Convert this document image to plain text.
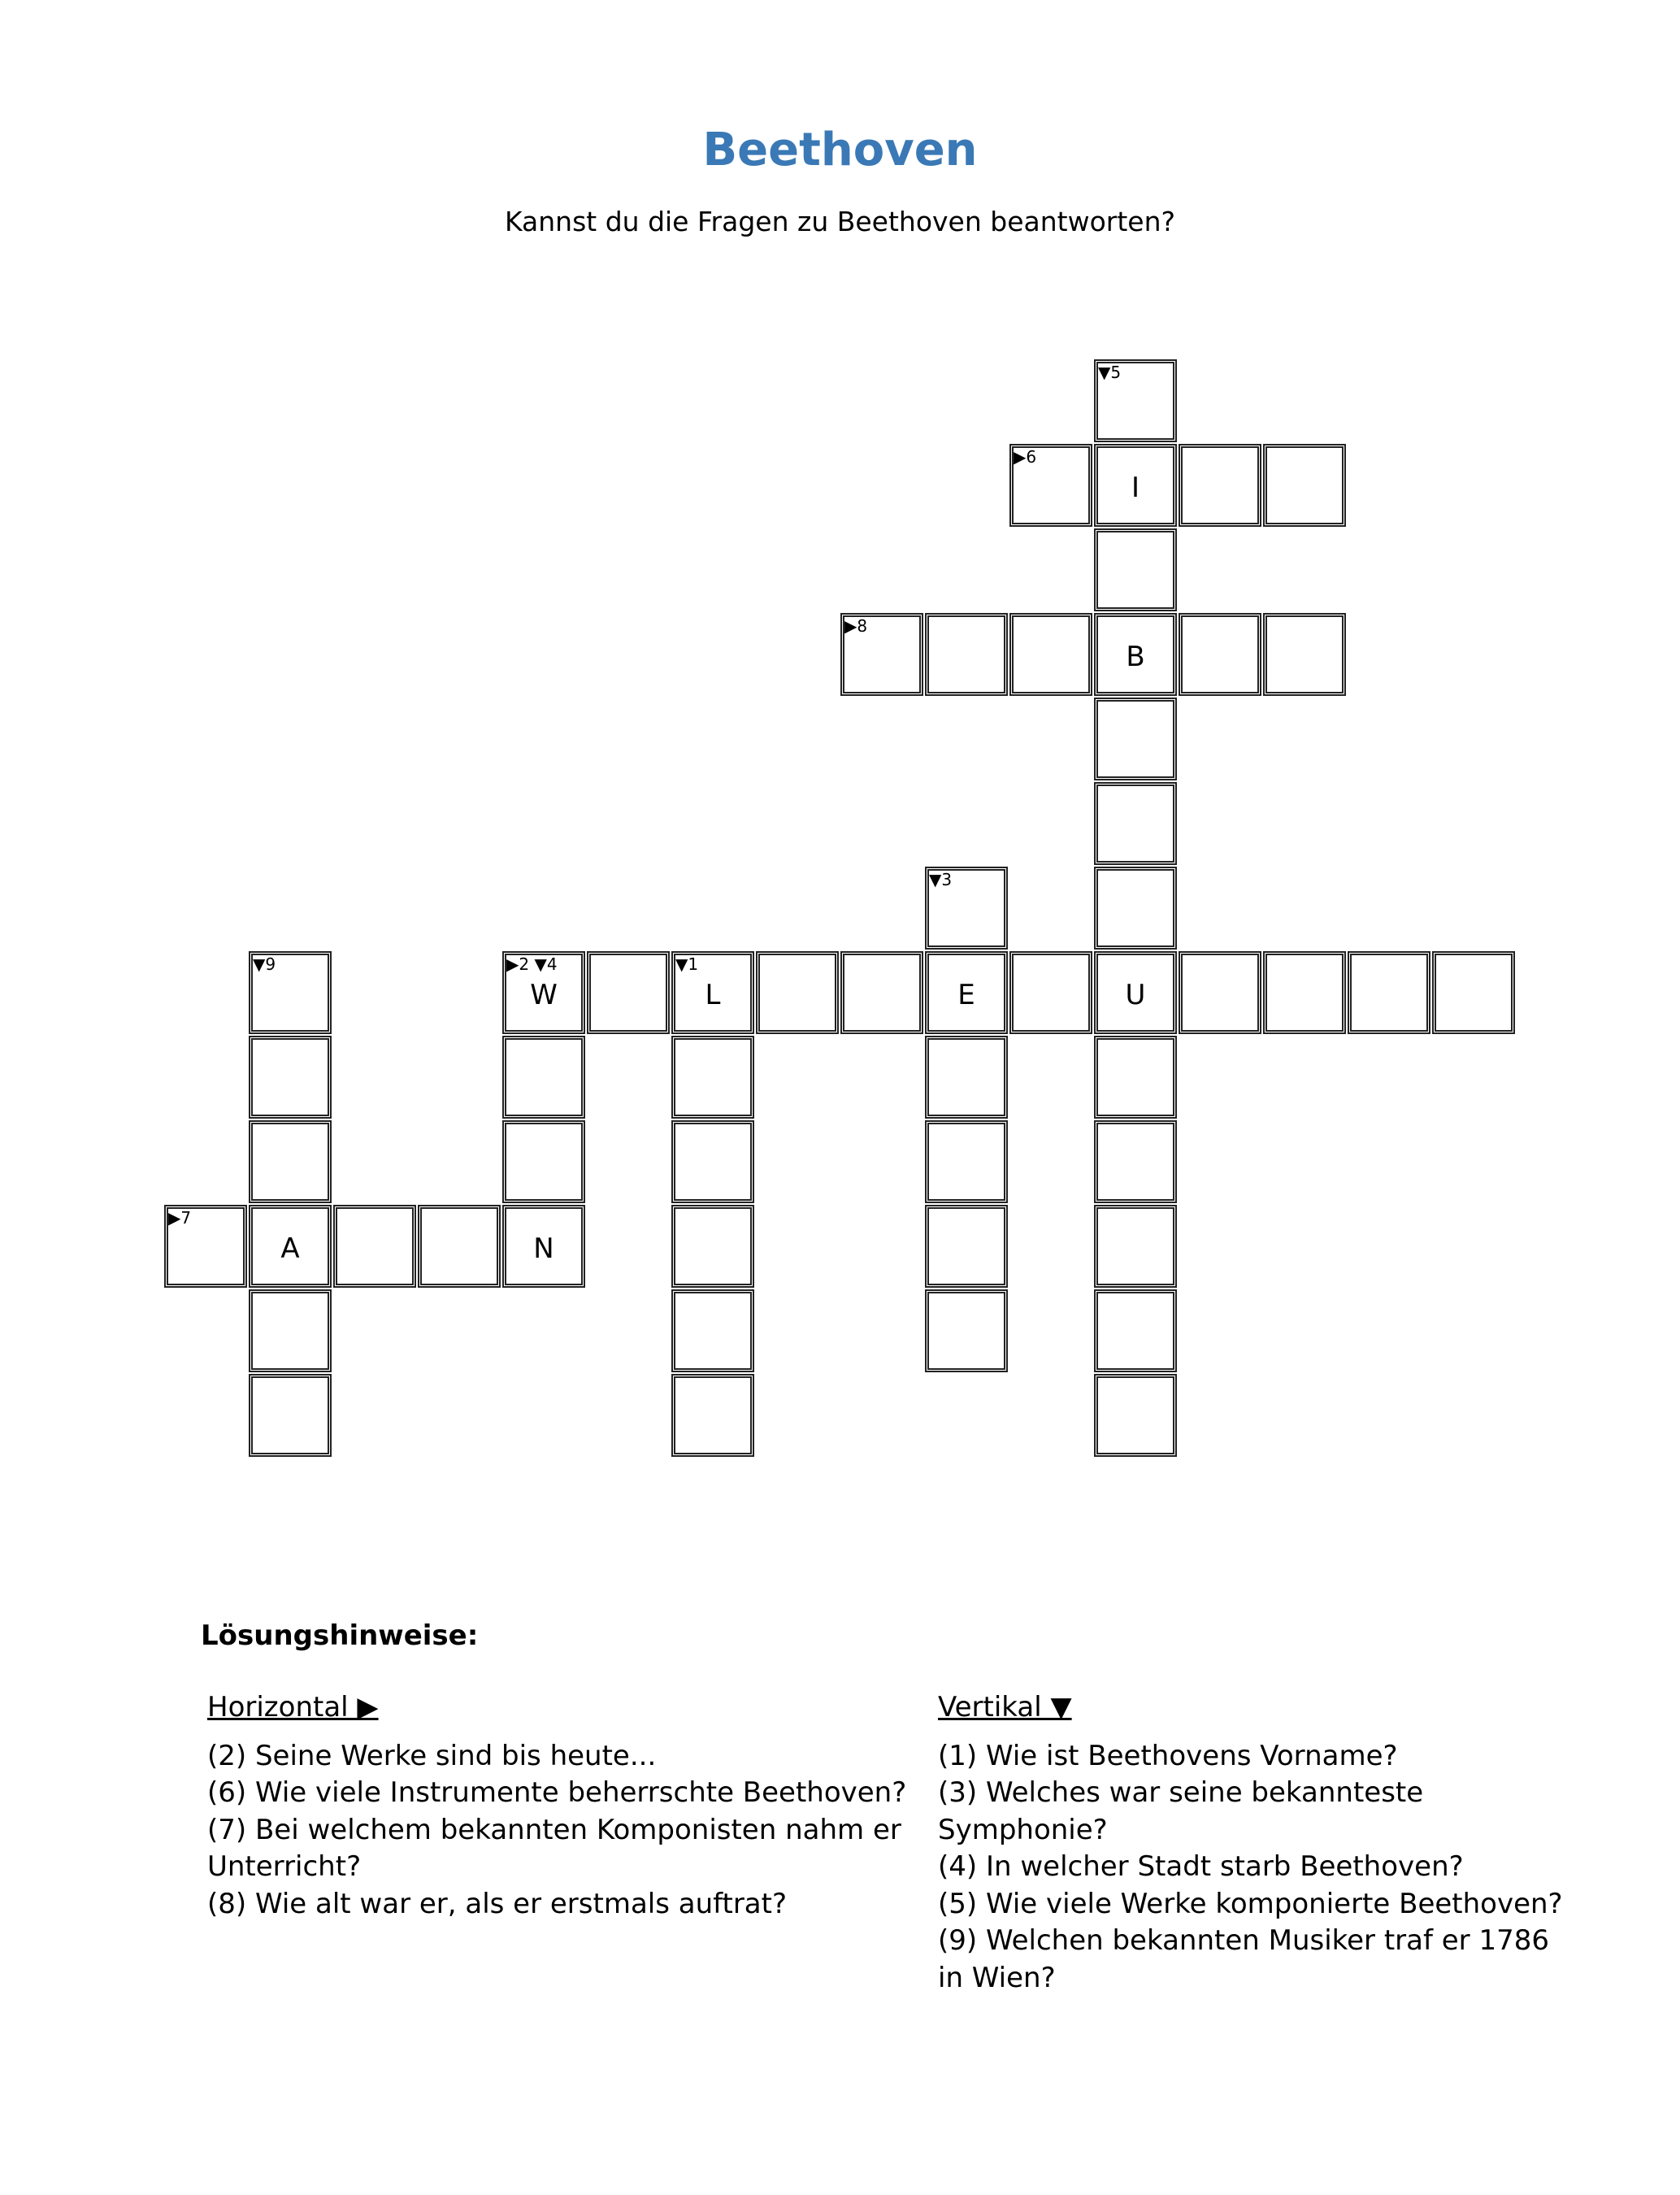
Beethoven
Kannst du die Fragen zu Beethoven beantworten?
▼5
▶6
I
▶8
B
▼3
▼9	▶2 ▼4
W
▼1
L	E	U
▶7
A	N
Lösungshinweise:
Horizontal ▶
(2) Seine Werke sind bis heute...
(6) Wie viele Instrumente beherrschte Beethoven?
(7) Bei welchem bekannten Komponisten nahm er
Unterricht?
(8) Wie alt war er, als er erstmals auftrat?
Vertikal ▼
(1) Wie ist Beethovens Vorname?
(3) Welches war seine bekannteste
Symphonie?
(4) In welcher Stadt starb Beethoven?
(5) Wie viele Werke komponierte Beethoven?
(9) Welchen bekannten Musiker traf er 1786
in Wien?
